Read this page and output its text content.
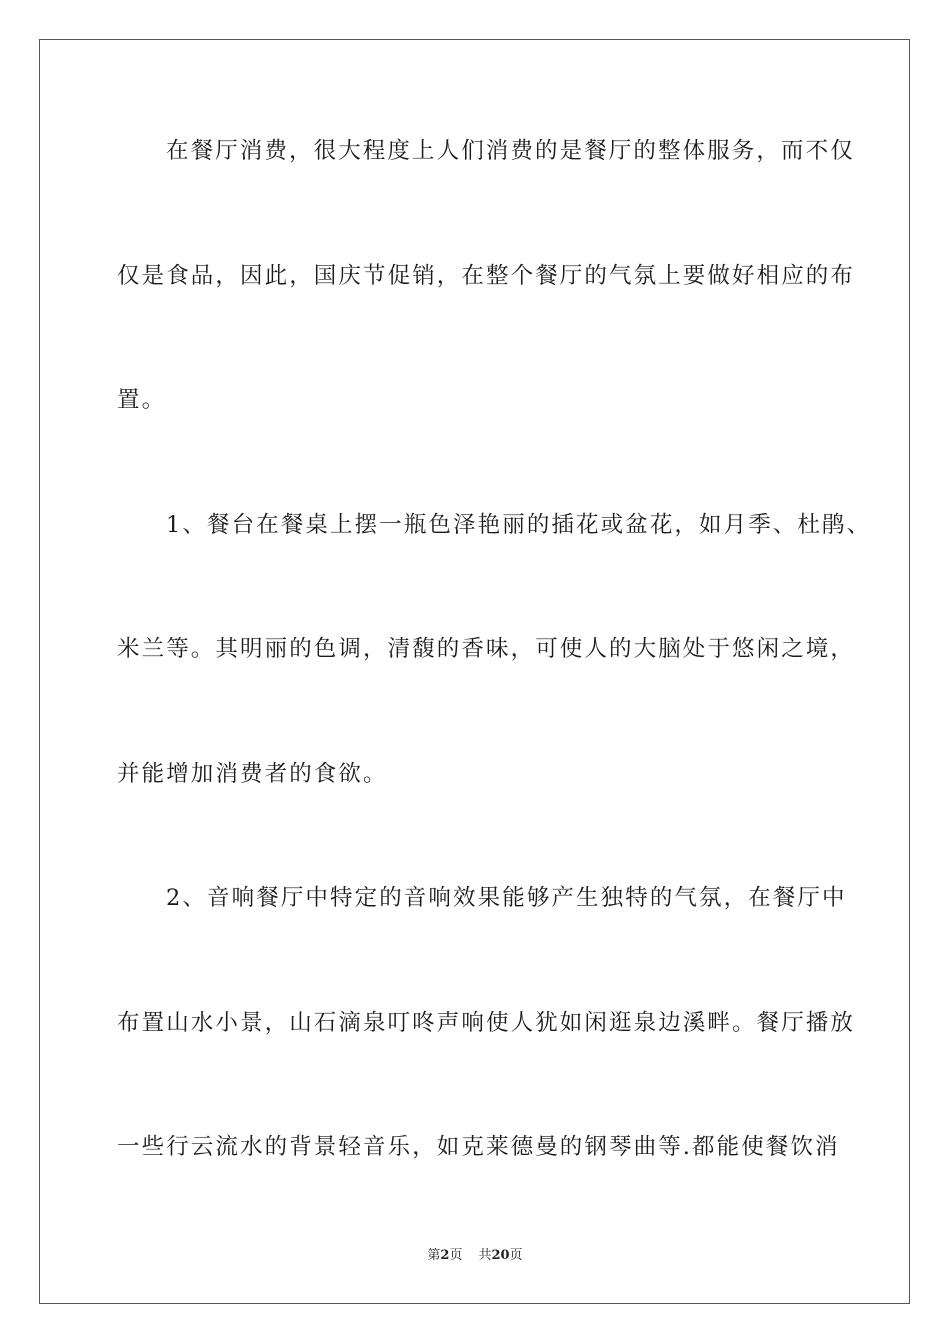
在餐厅消费，很大程度上人们消费的是餐厅的整体服务，而不仅
仅是食品，因此，国庆节促销，在整个餐厅的气氛上要做好相应的布
置。
1、餐台在餐桌上摆一瓶色泽艳丽的插花或盆花，如月季、杜鹃、
米兰等。其明丽的色调，清馥的香味，可使人的大脑处于悠闲之境，
并能增加消费者的食欲。
2、音响餐厅中特定的音响效果能够产生独特的气氛，在餐厅中
布置山水小景，山石滴泉叮咚声响使人犹如闲逛泉边溪畔。餐厅播放
一些行云流水的背景轻音乐，如克莱德曼的钢琴曲等.都能使餐饮消
第2页 共20页
